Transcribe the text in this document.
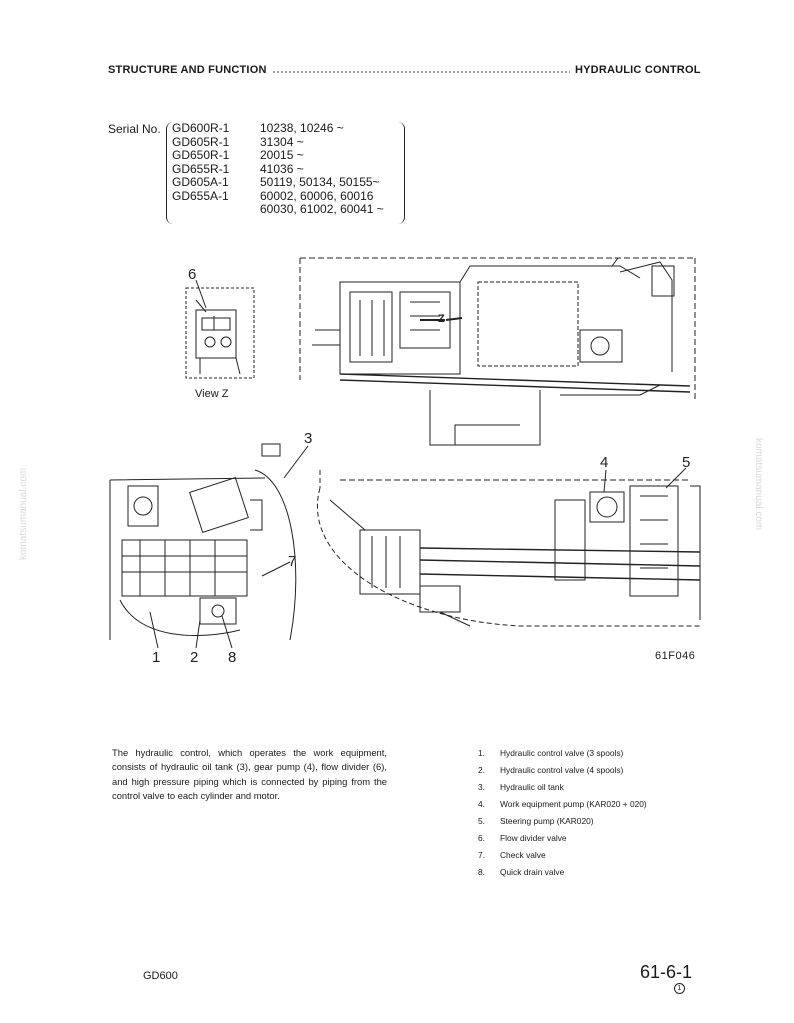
STRUCTURE AND FUNCTION	HYDRAULIC CONTROL
Serial No. GD600R-1	10238, 10246 ~
GD605R-1	31304 ~
GD650R-1	20015 ~
GD655R-1	41036 ~
GD605A-1	50119, 50134, 50155~
GD655A-1	60002, 60006, 60016
60030, 61002, 60041 ~
Z
6
3
4	5
7
1 2 8
View Z
61F046
The hydraulic control, which operates the work equipment, consists of hydraulic oil tank (3), gear pump (4), flow divider (6), and high pressure piping which is connected by piping from the control valve to each cylinder and motor.
1.	Hydraulic control valve (3 spools)
2.	Hydraulic control valve (4 spools)
3.	Hydraulic oil tank
4.	Work equipment pump (KAR020 + 020)
5.	Steering pump (KAR020)
6.	Flow divider valve
7.	Check valve
8.	Quick drain valve
GD600	61-6-1
1
komatsumanual.com	komatsumanual.com
